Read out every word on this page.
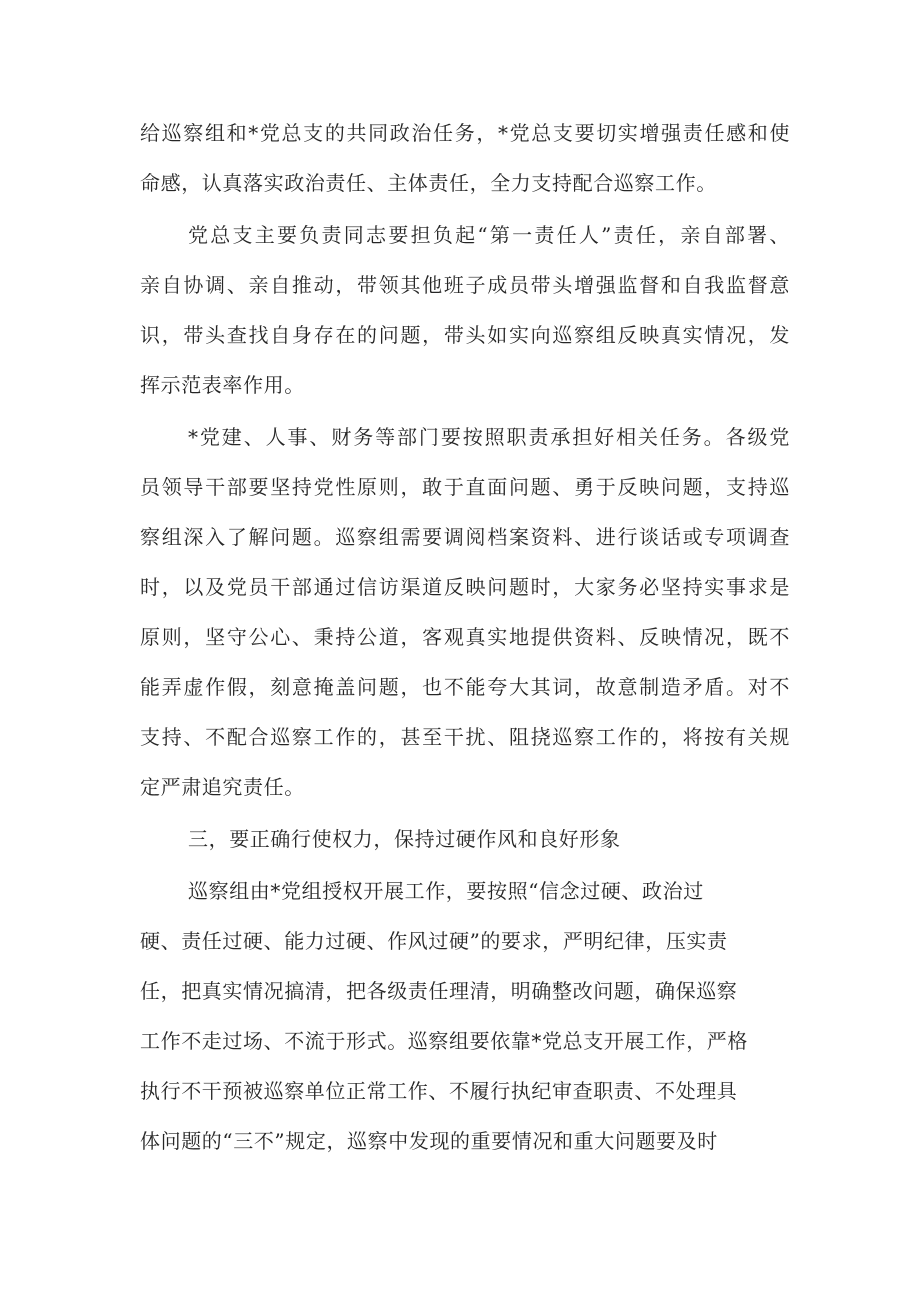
给巡察组和*党总支的共同政治任务，*党总支要切实增强责任感和使
命感，认真落实政治责任、主体责任，全力支持配合巡察工作。
党总支主要负责同志要担负起“第一责任人”责任，亲自部署、
亲自协调、亲自推动，带领其他班子成员带头增强监督和自我监督意
识，带头查找自身存在的问题，带头如实向巡察组反映真实情况，发
挥示范表率作用。
*党建、人事、财务等部门要按照职责承担好相关任务。各级党
员领导干部要坚持党性原则，敢于直面问题、勇于反映问题，支持巡
察组深入了解问题。巡察组需要调阅档案资料、进行谈话或专项调查
时，以及党员干部通过信访渠道反映问题时，大家务必坚持实事求是
原则，坚守公心、秉持公道，客观真实地提供资料、反映情况，既不
能弄虚作假，刻意掩盖问题，也不能夸大其词，故意制造矛盾。对不
支持、不配合巡察工作的，甚至干扰、阻挠巡察工作的，将按有关规
定严肃追究责任。
三，要正确行使权力，保持过硬作风和良好形象
巡察组由*党组授权开展工作，要按照“信念过硬、政治过
硬、责任过硬、能力过硬、作风过硬”的要求，严明纪律，压实责
任，把真实情况搞清，把各级责任理清，明确整改问题，确保巡察
工作不走过场、不流于形式。巡察组要依靠*党总支开展工作，严格
执行不干预被巡察单位正常工作、不履行执纪审查职责、不处理具
体问题的“三不”规定，巡察中发现的重要情况和重大问题要及时
